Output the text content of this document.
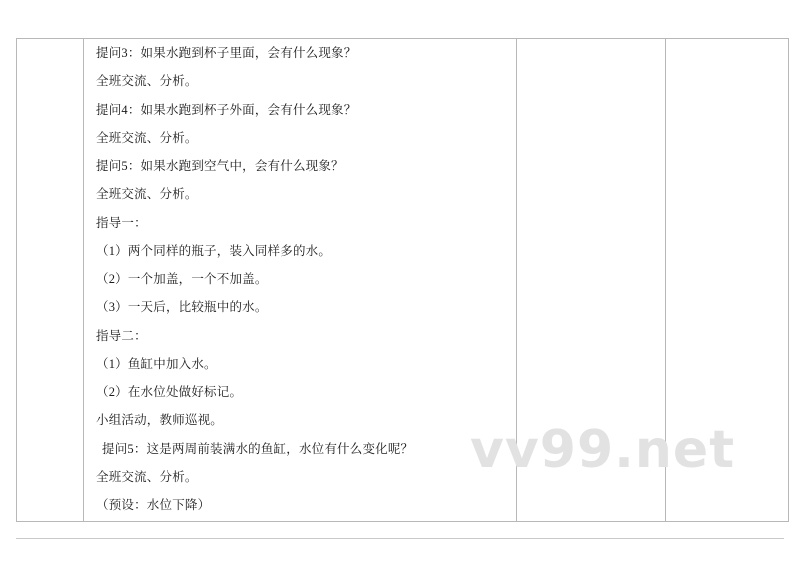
提问3：如果水跑到杯子里面，会有什么现象？

全班交流、分析。

提问4：如果水跑到杯子外面，会有什么现象？

全班交流、分析。

提问5：如果水跑到空气中，会有什么现象？

全班交流、分析。

指导一：

（1）两个同样的瓶子，装入同样多的水。

（2）一个加盖，一个不加盖。

（3）一天后，比较瓶中的水。

指导二：

（1）鱼缸中加入水。

（2）在水位处做好标记。

小组活动，教师巡视。

提问5：这是两周前装满水的鱼缸，水位有什么变化呢？

全班交流、分析。

（预设：水位下降）

vv99.net
